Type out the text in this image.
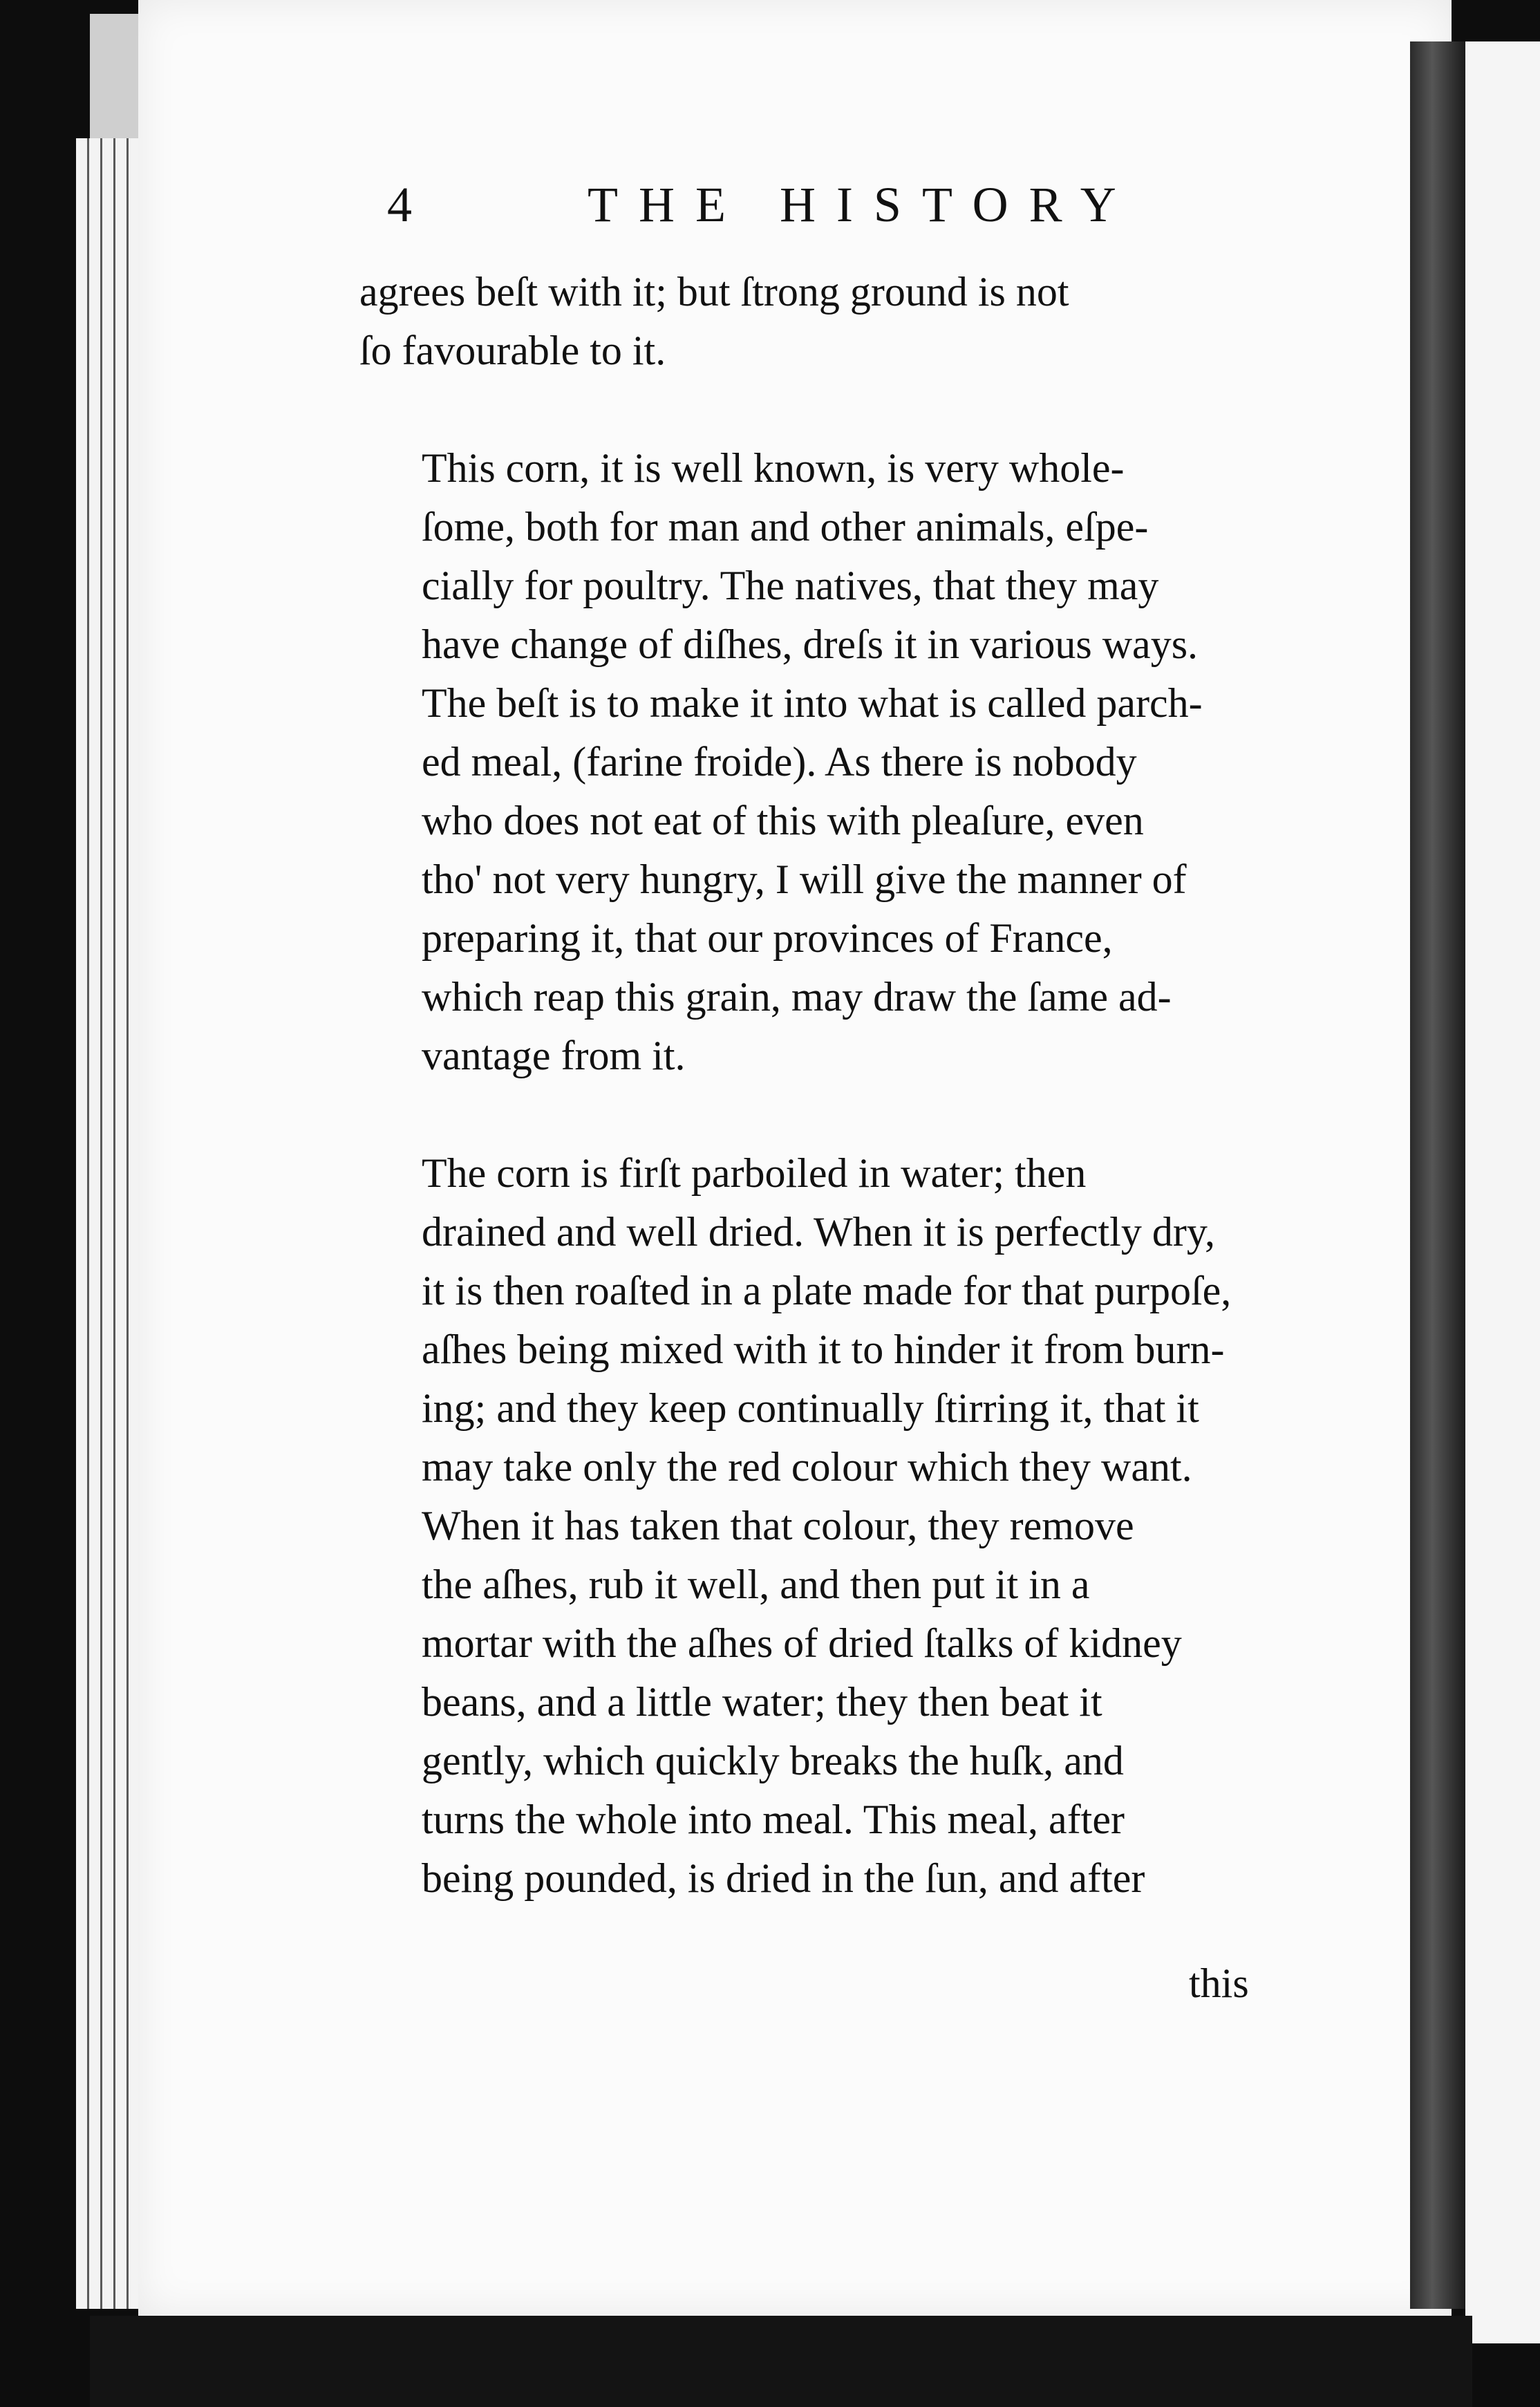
4	THE HISTORY

agrees beſt with it; but ſtrong ground is not
ſo favourable to it.

This corn, it is well known, is very whole-
ſome, both for man and other animals, eſpe-
cially for poultry. The natives, that they may
have change of diſhes, dreſs it in various ways.
The beſt is to make it into what is called parch-
ed meal, (farine froide). As there is nobody
who does not eat of this with pleaſure, even
tho' not very hungry, I will give the manner of
preparing it, that our provinces of France,
which reap this grain, may draw the ſame ad-
vantage from it.

The corn is firſt parboiled in water; then
drained and well dried. When it is perfectly dry,
it is then roaſted in a plate made for that purpoſe,
aſhes being mixed with it to hinder it from burn-
ing; and they keep continually ſtirring it, that it
may take only the red colour which they want.
When it has taken that colour, they remove
the aſhes, rub it well, and then put it in a
mortar with the aſhes of dried ſtalks of kidney
beans, and a little water; they then beat it
gently, which quickly breaks the huſk, and
turns the whole into meal. This meal, after
being pounded, is dried in the ſun, and after

this
